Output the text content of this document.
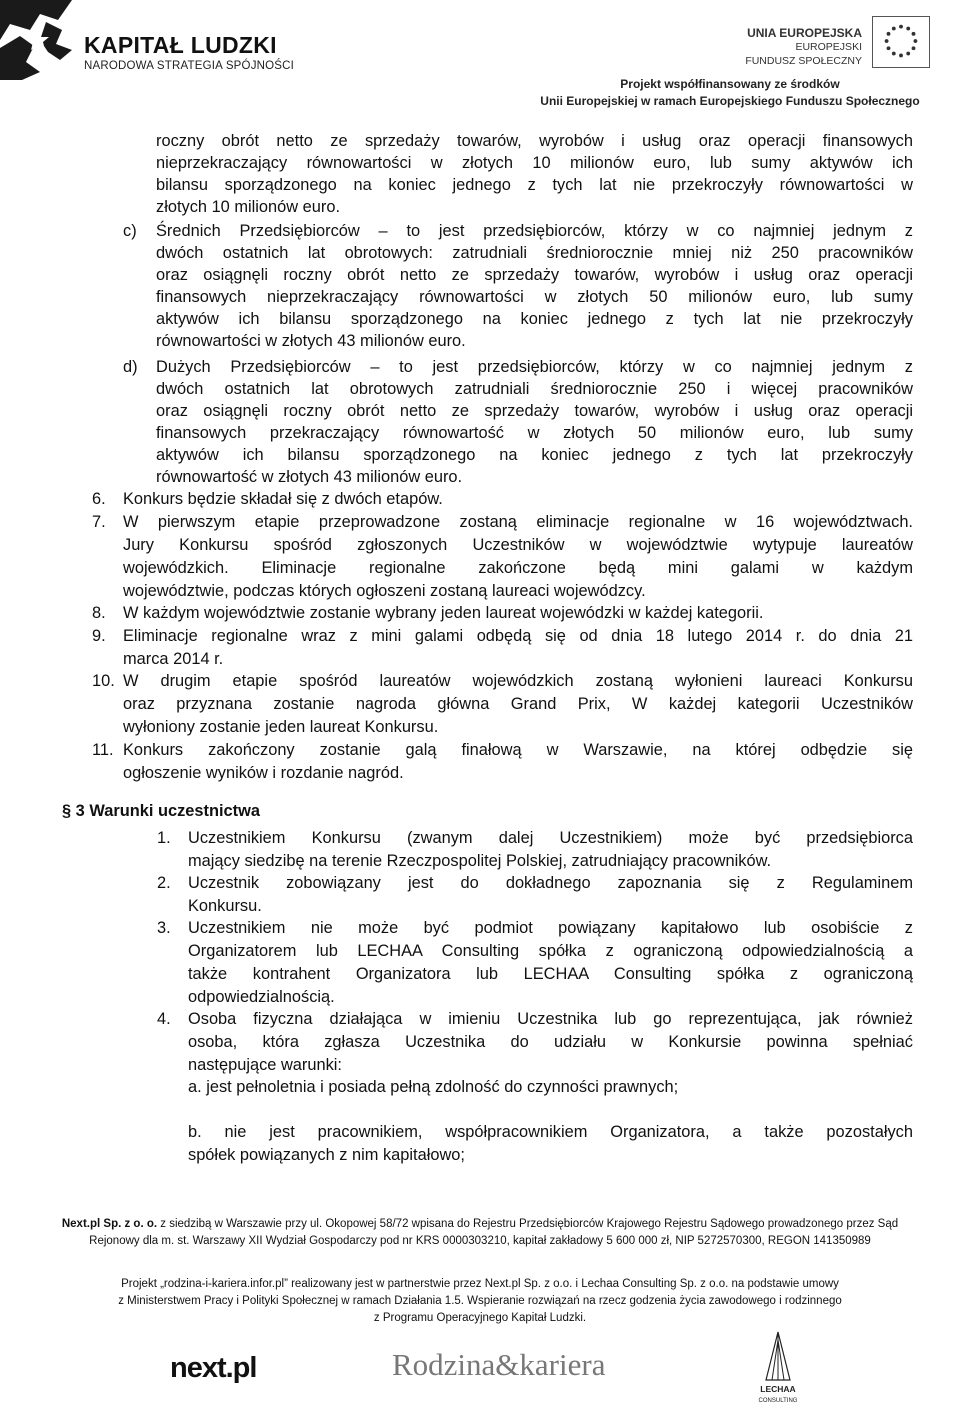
KAPITAŁ LUDZKI
NARODOWA STRATEGIA SPÓJNOŚCI
UNIA EUROPEJSKA
EUROPEJSKI
FUNDUSZ SPOŁECZNY
Projekt współfinansowany ze środków
Unii Europejskiej w ramach Europejskiego Funduszu Społecznego
roczny obrót netto ze sprzedaży towarów, wyrobów i usług oraz operacji finansowych
nieprzekraczający równowartości w złotych 10 milionów euro, lub sumy aktywów ich
bilansu sporządzonego na koniec jednego z tych lat nie przekroczyły równowartości w
złotych 10 milionów euro.
c) Średnich Przedsiębiorców – to jest przedsiębiorców, którzy w co najmniej jednym z
dwóch ostatnich lat obrotowych: zatrudniali średniorocznie mniej niż 250 pracowników
oraz osiągnęli roczny obrót netto ze sprzedaży towarów, wyrobów i usług oraz operacji
finansowych nieprzekraczający równowartości w złotych 50 milionów euro, lub sumy
aktywów ich bilansu sporządzonego na koniec jednego z tych lat nie przekroczyły
równowartości w złotych 43 milionów euro.
d) Dużych Przedsiębiorców – to jest przedsiębiorców, którzy w co najmniej jednym z
dwóch ostatnich lat obrotowych zatrudniali średniorocznie 250 i więcej pracowników
oraz osiągnęli roczny obrót netto ze sprzedaży towarów, wyrobów i usług oraz operacji
finansowych przekraczający równowartość w złotych 50 milionów euro, lub sumy
aktywów ich bilansu sporządzonego na koniec jednego z tych lat przekroczyły
równowartość w złotych 43 milionów euro.
6. Konkurs będzie składał się z dwóch etapów.
7. W pierwszym etapie przeprowadzone zostaną eliminacje regionalne w 16 województwach.
Jury Konkursu spośród zgłoszonych Uczestników w województwie wytypuje laureatów
wojewódzkich. Eliminacje regionalne zakończone będą mini galami w każdym
województwie, podczas których ogłoszeni zostaną laureaci wojewódzcy.
8. W każdym województwie zostanie wybrany jeden laureat wojewódzki w każdej kategorii.
9. Eliminacje regionalne wraz z mini galami odbędą się od dnia 18 lutego 2014 r. do dnia 21
marca 2014 r.
10. W drugim etapie spośród laureatów wojewódzkich zostaną wyłonieni laureaci Konkursu
oraz przyznana zostanie nagroda główna Grand Prix, W każdej kategorii Uczestników
wyłoniony zostanie jeden laureat Konkursu.
11. Konkurs zakończony zostanie galą finałową w Warszawie, na której odbędzie się
ogłoszenie wyników i rozdanie nagród.
§ 3 Warunki uczestnictwa
1. Uczestnikiem Konkursu (zwanym dalej Uczestnikiem) może być przedsiębiorca
mający siedzibę na terenie Rzeczpospolitej Polskiej, zatrudniający pracowników.
2. Uczestnik zobowiązany jest do dokładnego zapoznania się z Regulaminem
Konkursu.
3. Uczestnikiem nie może być podmiot powiązany kapitałowo lub osobiście z
Organizatorem lub LECHAA Consulting spółka z ograniczoną odpowiedzialnością a
także kontrahent Organizatora lub LECHAA Consulting spółka z ograniczoną
odpowiedzialnością.
4. Osoba fizyczna działająca w imieniu Uczestnika lub go reprezentująca, jak również
osoba, która zgłasza Uczestnika do udziału w Konkursie powinna spełniać
następujące warunki:
a. jest pełnoletnia i posiada pełną zdolność do czynności prawnych;
b. nie jest pracownikiem, współpracownikiem Organizatora, a także pozostałych
spółek powiązanych z nim kapitałowo;
Next.pl Sp. z o. o. z siedzibą w Warszawie przy ul. Okopowej 58/72 wpisana do Rejestru Przedsiębiorców Krajowego Rejestru Sądowego prowadzonego przez Sąd
Rejonowy dla m. st. Warszawy XII Wydział Gospodarczy pod nr KRS 0000303210, kapitał zakładowy 5 600 000 zł, NIP 5272570300, REGON 141350989
Projekt „rodzina-i-kariera.infor.pl” realizowany jest w partnerstwie przez Next.pl Sp. z o.o. i Lechaa Consulting Sp. z o.o. na podstawie umowy
z Ministerstwem Pracy i Polityki Społecznej w ramach Działania 1.5. Wspieranie rozwiązań na rzecz godzenia życia zawodowego i rodzinnego
z Programu Operacyjnego Kapitał Ludzki.
next.pl	Rodzina&kariera
LECHAA
CONSULTING
